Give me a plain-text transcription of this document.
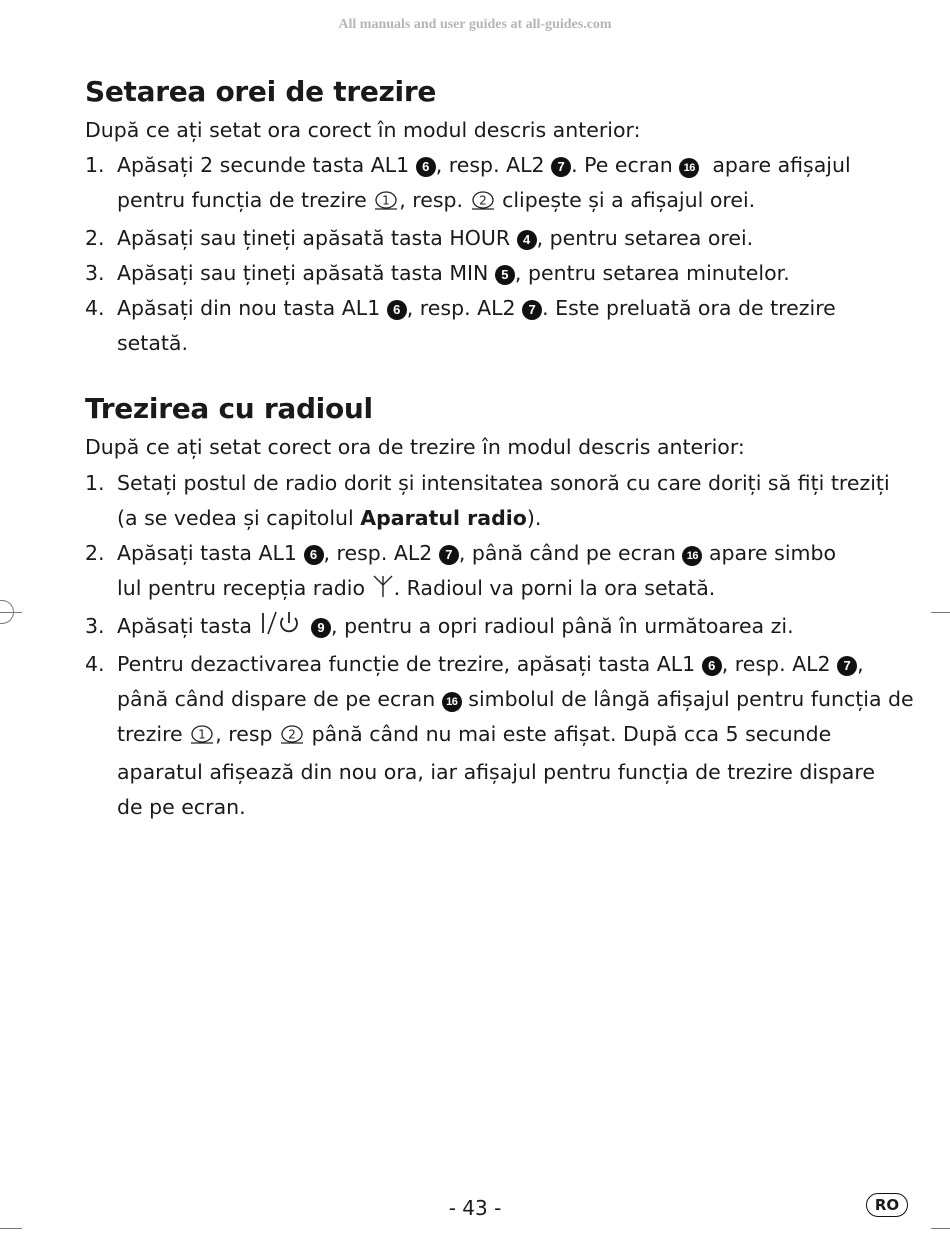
All manuals and user guides at all-guides.com
Setarea orei de trezire
După ce ați setat ora corect în modul descris anterior:
1. Apăsați 2 secunde tasta AL1 6 , resp. AL2 7 . Pe ecran 16  apare afișajul
pentru funcția de trezire 1 , resp. 2 clipește și a afișajul orei.
2. Apăsați sau țineți apăsată tasta HOUR 4 , pentru setarea orei.
3. Apăsați sau țineți apăsată tasta MIN 5 , pentru setarea minutelor.
4. Apăsați din nou tasta AL1 6 , resp. AL2 7 . Este preluată ora de trezire
setată.
Trezirea cu radioul
După ce ați setat corect ora de trezire în modul descris anterior:
1. Setați postul de radio dorit și intensitatea sonoră cu care doriți să fiți treziți
(a se vedea și capitolul Aparatul radio).
2. Apăsați tasta AL1 6 , resp. AL2 7 , până când pe ecran 16 apare simbo
lul pentru recepția radio . Radioul va porni la ora setată.
3. Apăsați tasta	9 , pentru a opri radioul până în următoarea zi.
4. Pentru dezactivarea funcție de trezire, apăsați tasta AL1 6 , resp. AL2 7 ,
până când dispare de pe ecran 16 simbolul de lângă afișajul pentru funcția de
trezire 1 , resp 2 până când nu mai este afișat. După cca 5 secunde
aparatul afișează din nou ora, iar afișajul pentru funcția de trezire dispare
de pe ecran.
- 43 -	RO
